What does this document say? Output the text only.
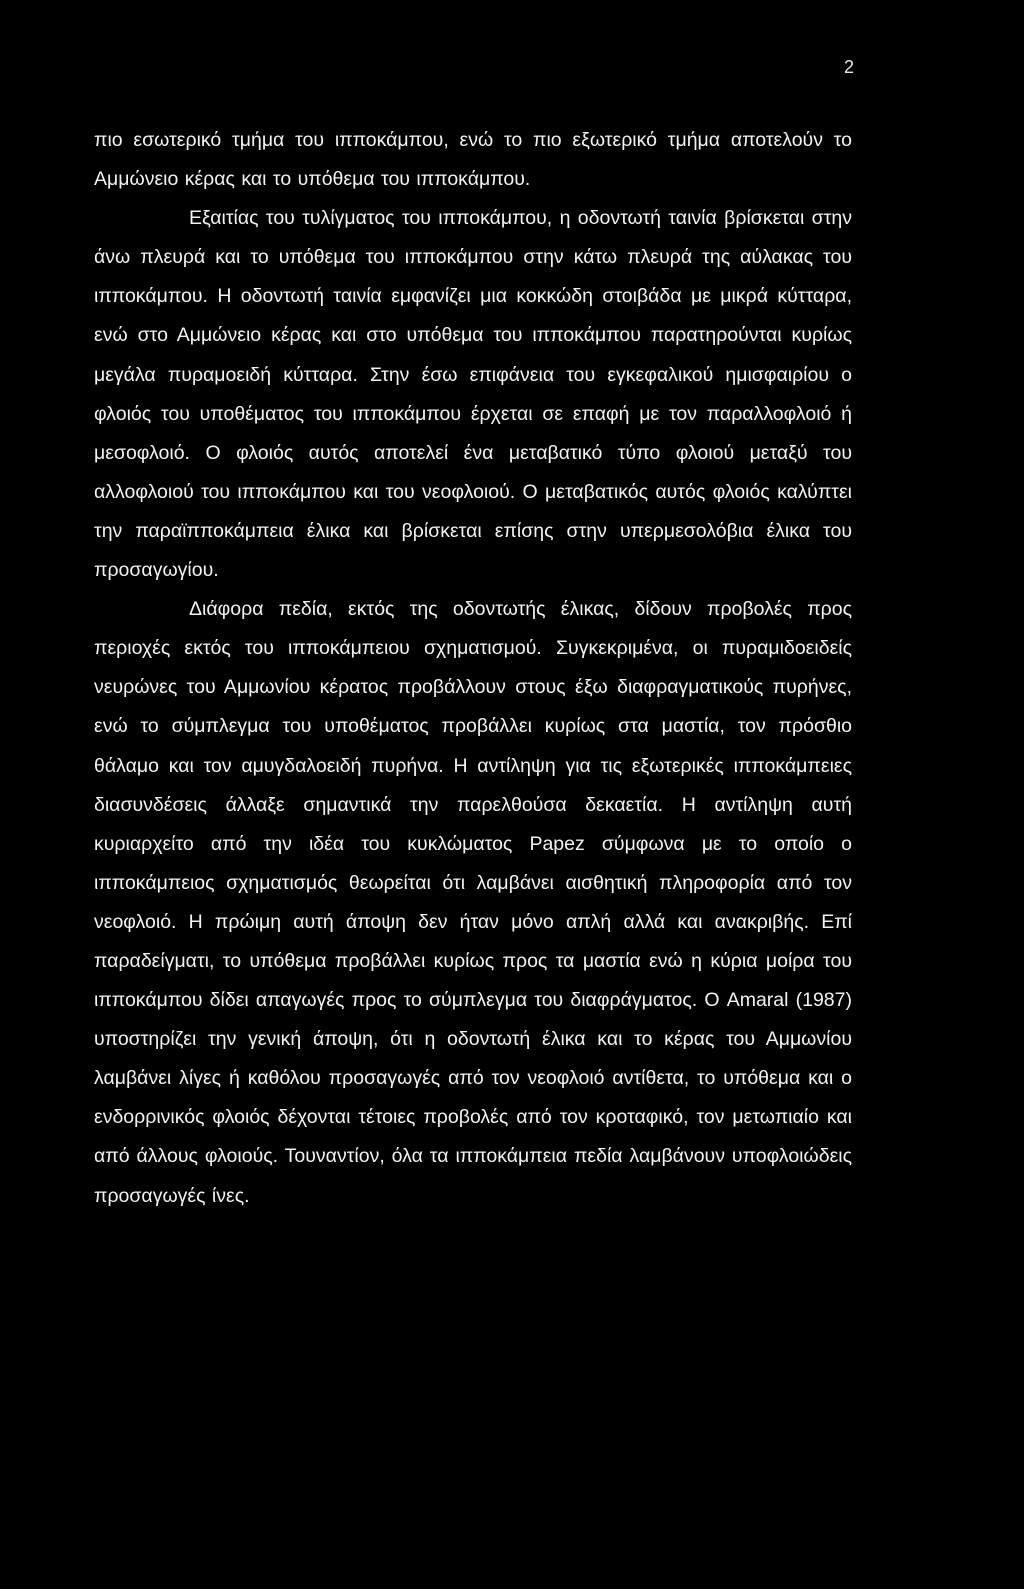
2

πιο εσωτερικό τμήμα του ιπποκάμπου, ενώ το πιο εξωτερικό τμήμα αποτελούν το Αμμώνειο κέρας και το υπόθεμα του ιπποκάμπου.

Εξαιτίας του τυλίγματος του ιπποκάμπου, η οδοντωτή ταινία βρίσκεται στην άνω πλευρά και το υπόθεμα του ιπποκάμπου στην κάτω πλευρά της αύλακας του ιπποκάμπου. Η οδοντωτή ταινία εμφανίζει μια κοκκώδη στοιβάδα με μικρά κύτταρα, ενώ στο Αμμώνειο κέρας και στο υπόθεμα του ιπποκάμπου παρατηρούνται κυρίως μεγάλα πυραμοειδή κύτταρα. Στην έσω επιφάνεια του εγκεφαλικού ημισφαιρίου ο φλοιός του υποθέματος του ιπποκάμπου έρχεται σε επαφή με τον παραλλοφλοιό ή μεσοφλοιό. Ο φλοιός αυτός αποτελεί ένα μεταβατικό τύπο φλοιού μεταξύ του αλλοφλοιού του ιπποκάμπου και του νεοφλοιού. Ο μεταβατικός αυτός φλοιός καλύπτει την παραϊπποκάμπεια έλικα και βρίσκεται επίσης στην υπερμεσολόβια έλικα του προσαγωγίου.

Διάφορα πεδία, εκτός της οδοντωτής έλικας, δίδουν προβολές προς περιοχές εκτός του ιπποκάμπειου σχηματισμού. Συγκεκριμένα, οι πυραμιδοειδείς νευρώνες του Αμμωνίου κέρατος προβάλλουν στους έξω διαφραγματικούς πυρήνες, ενώ το σύμπλεγμα του υποθέματος προβάλλει κυρίως στα μαστία, τον πρόσθιο θάλαμο και τον αμυγδαλοειδή πυρήνα. Η αντίληψη για τις εξωτερικές ιπποκάμπειες διασυνδέσεις άλλαξε σημαντικά την παρελθούσα δεκαετία. Η αντίληψη αυτή κυριαρχείτο από την ιδέα του κυκλώματος Papez σύμφωνα με το οποίο ο ιπποκάμπειος σχηματισμός θεωρείται ότι λαμβάνει αισθητική πληροφορία από τον νεοφλοιό. Η πρώιμη αυτή άποψη δεν ήταν μόνο απλή αλλά και ανακριβής. Επί παραδείγματι, το υπόθεμα προβάλλει κυρίως προς τα μαστία ενώ η κύρια μοίρα του ιπποκάμπου δίδει απαγωγές προς το σύμπλεγμα του διαφράγματος. Ο Amaral (1987) υποστηρίζει την γενική άποψη, ότι η οδοντωτή έλικα και το κέρας του Αμμωνίου λαμβάνει λίγες ή καθόλου προσαγωγές από τον νεοφλοιό αντίθετα, το υπόθεμα και ο ενδορρινικός φλοιός δέχονται τέτοιες προβολές από τον κροταφικό, τον μετωπιαίο και από άλλους φλοιούς. Τουναντίον, όλα τα ιπποκάμπεια πεδία λαμβάνουν υποφλοιώδεις προσαγωγές ίνες.
